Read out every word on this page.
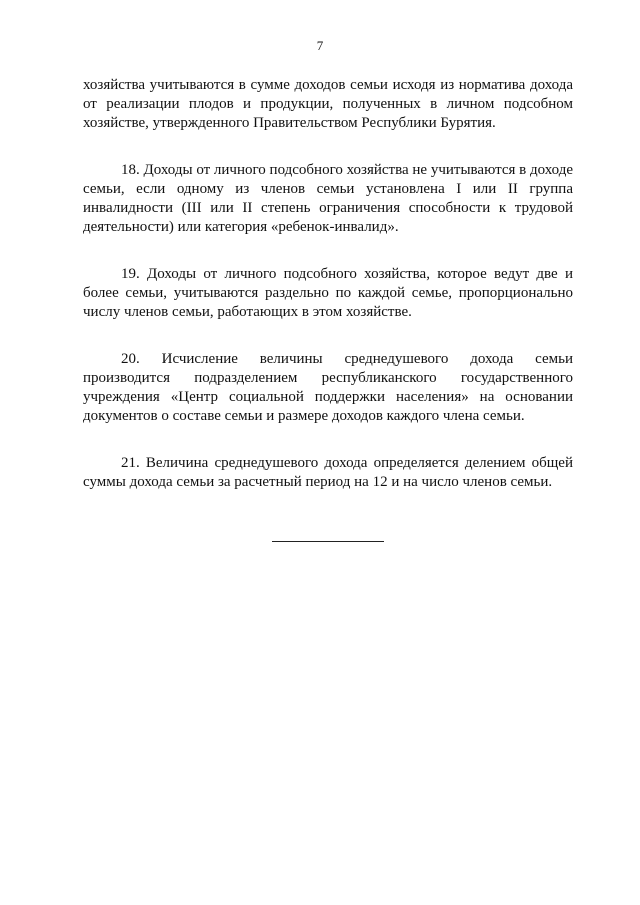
7

хозяйства учитываются в сумме доходов семьи исходя из норматива дохода от реализации плодов и продукции, полученных в личном подсобном хозяйстве, утвержденного Правительством Республики Бурятия.

18. Доходы от личного подсобного хозяйства не учитываются в доходе семьи, если одному из членов семьи установлена I или II группа инвалидности (III или II степень ограничения способности к трудовой деятельности) или категория «ребенок-инвалид».

19. Доходы от личного подсобного хозяйства, которое ведут две и более семьи, учитываются раздельно по каждой семье, пропорционально числу членов семьи, работающих в этом хозяйстве.

20. Исчисление величины среднедушевого дохода семьи производится подразделением республиканского государственного учреждения «Центр социальной поддержки населения» на основании документов о составе семьи и размере доходов каждого члена семьи.

21. Величина среднедушевого дохода определяется делением общей суммы дохода семьи за расчетный период на 12 и на число членов семьи.
